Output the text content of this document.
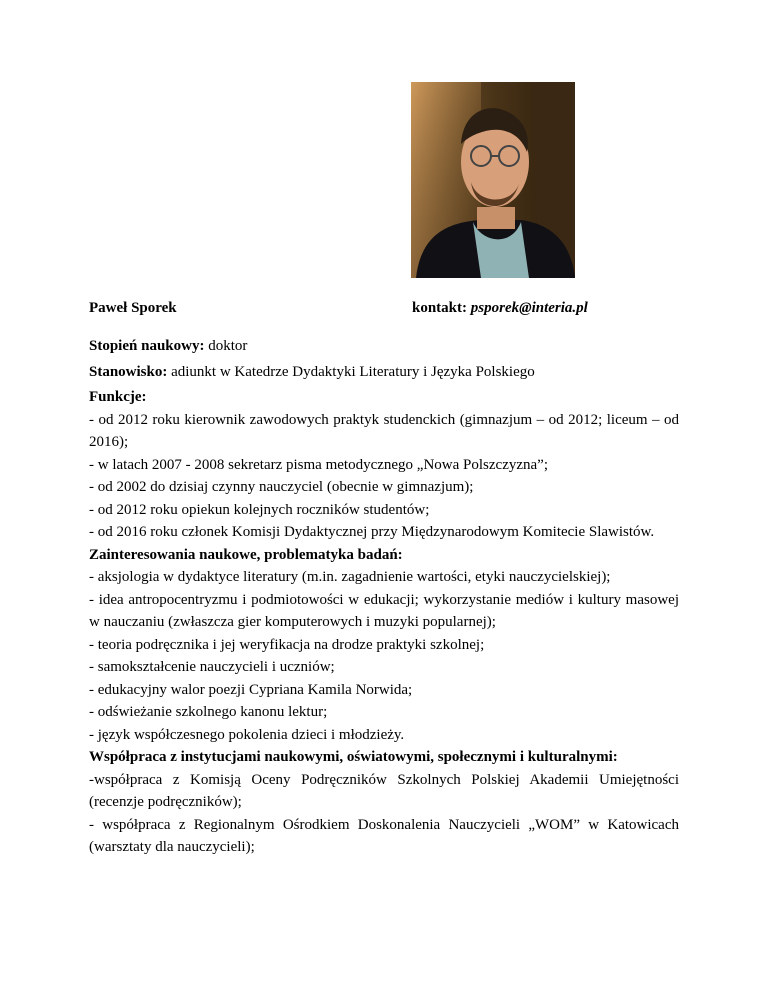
Paweł Sporek	kontakt: psporek@interia.pl

Stopień naukowy: doktor

Stanowisko: adiunkt w Katedrze Dydaktyki Literatury i Języka Polskiego

Funkcje:

- od 2012 roku kierownik zawodowych praktyk studenckich (gimnazjum – od 2012; liceum – od 2016);

- w latach 2007 - 2008 sekretarz pisma metodycznego „Nowa Polszczyzna”;

- od 2002 do dzisiaj czynny nauczyciel (obecnie w gimnazjum);

- od 2012 roku opiekun kolejnych roczników studentów;

- od 2016 roku członek Komisji Dydaktycznej przy Międzynarodowym Komitecie Slawistów.

Zainteresowania naukowe, problematyka badań:

- aksjologia w dydaktyce literatury (m.in. zagadnienie wartości, etyki nauczycielskiej);

- idea antropocentryzmu i podmiotowości w edukacji; wykorzystanie mediów i kultury masowej w nauczaniu (zwłaszcza gier komputerowych i muzyki popularnej);

- teoria podręcznika i jej weryfikacja na drodze praktyki szkolnej;

- samokształcenie nauczycieli i uczniów;

- edukacyjny walor poezji Cypriana Kamila Norwida;

- odświeżanie szkolnego kanonu lektur;

- język współczesnego pokolenia dzieci i młodzieży.

Współpraca z instytucjami naukowymi, oświatowymi, społecznymi i kulturalnymi:

-współpraca z Komisją Oceny Podręczników Szkolnych Polskiej Akademii Umiejętności (recenzje podręczników);

- współpraca z Regionalnym Ośrodkiem Doskonalenia Nauczycieli „WOM” w Katowicach (warsztaty dla nauczycieli);
